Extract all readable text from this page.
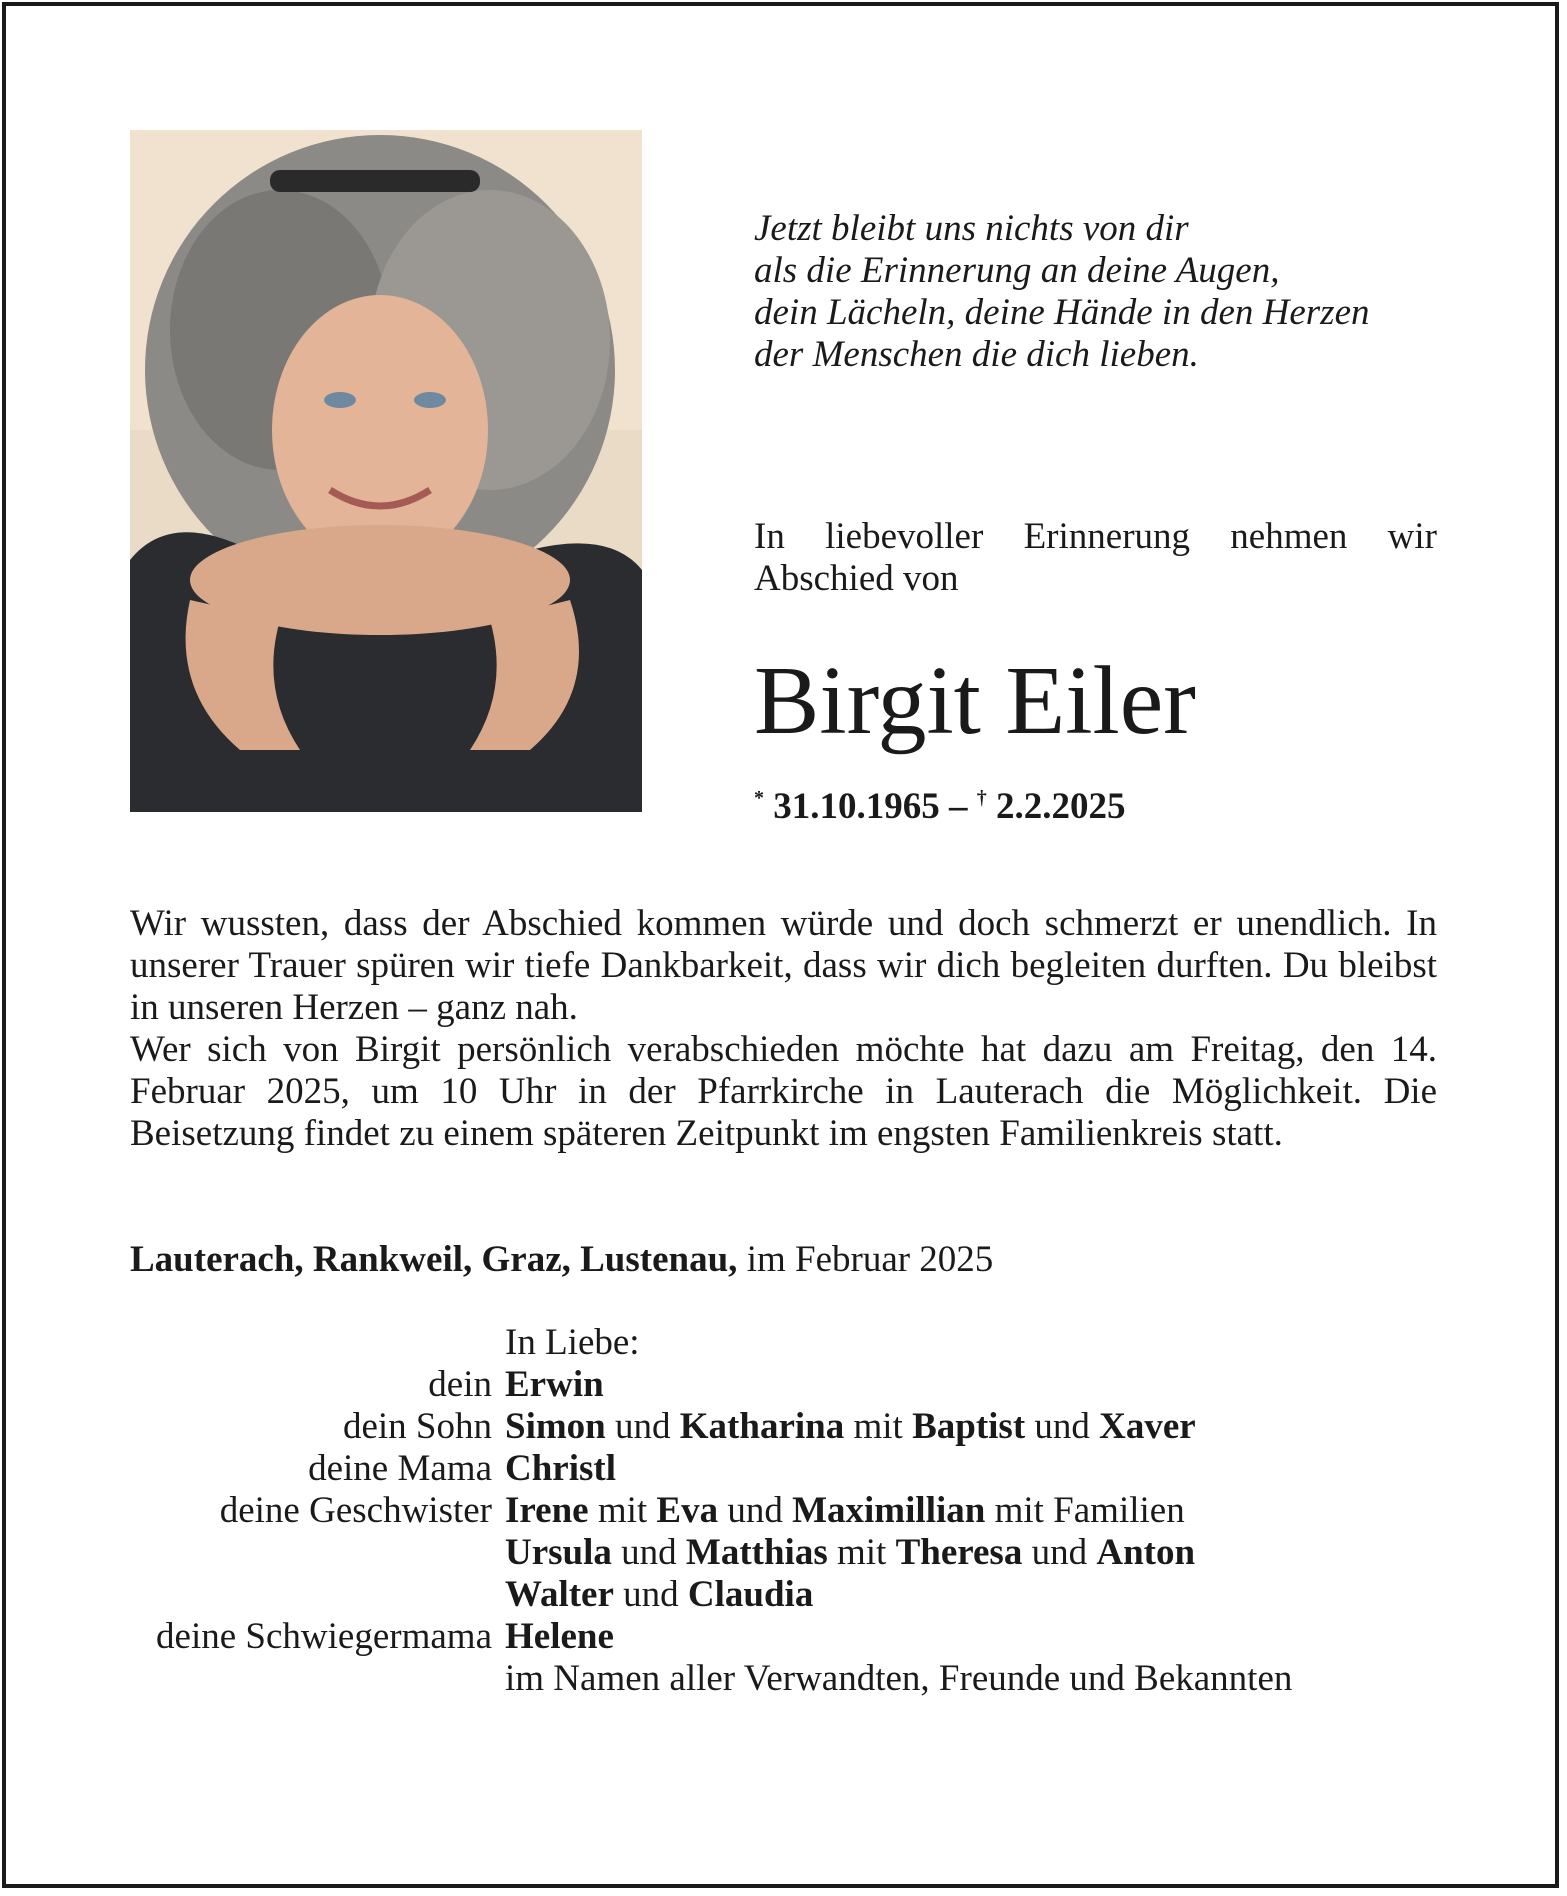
Jetzt bleibt uns nichts von dir
als die Erinnerung an deine Augen,
dein Lächeln, deine Hände in den Herzen
der Menschen die dich lieben.
In liebevoller Erinnerung nehmen wir Abschied von
Birgit Eiler
* 31.10.1965 – † 2.2.2025

Wir wussten, dass der Abschied kommen würde und doch schmerzt er unendlich. In unserer Trauer spüren wir tiefe Dankbarkeit, dass wir dich begleiten durften. Du bleibst in unseren Herzen – ganz nah.

Wer sich von Birgit persönlich verabschieden möchte hat dazu am Freitag, den 14. Februar 2025, um 10 Uhr in der Pfarrkirche in Lauterach die Möglichkeit. Die Beisetzung findet zu einem späteren Zeitpunkt im engsten Familienkreis statt.

Lauterach, Rankweil, Graz, Lustenau, im Februar 2025
In Liebe:
dein Erwin
dein Sohn Simon und Katharina mit Baptist und Xaver
deine Mama Christl
deine Geschwister Irene mit Eva und Maximillian mit Familien
Ursula und Matthias mit Theresa und Anton
Walter und Claudia
deine Schwiegermama Helene
im Namen aller Verwandten, Freunde und Bekannten
